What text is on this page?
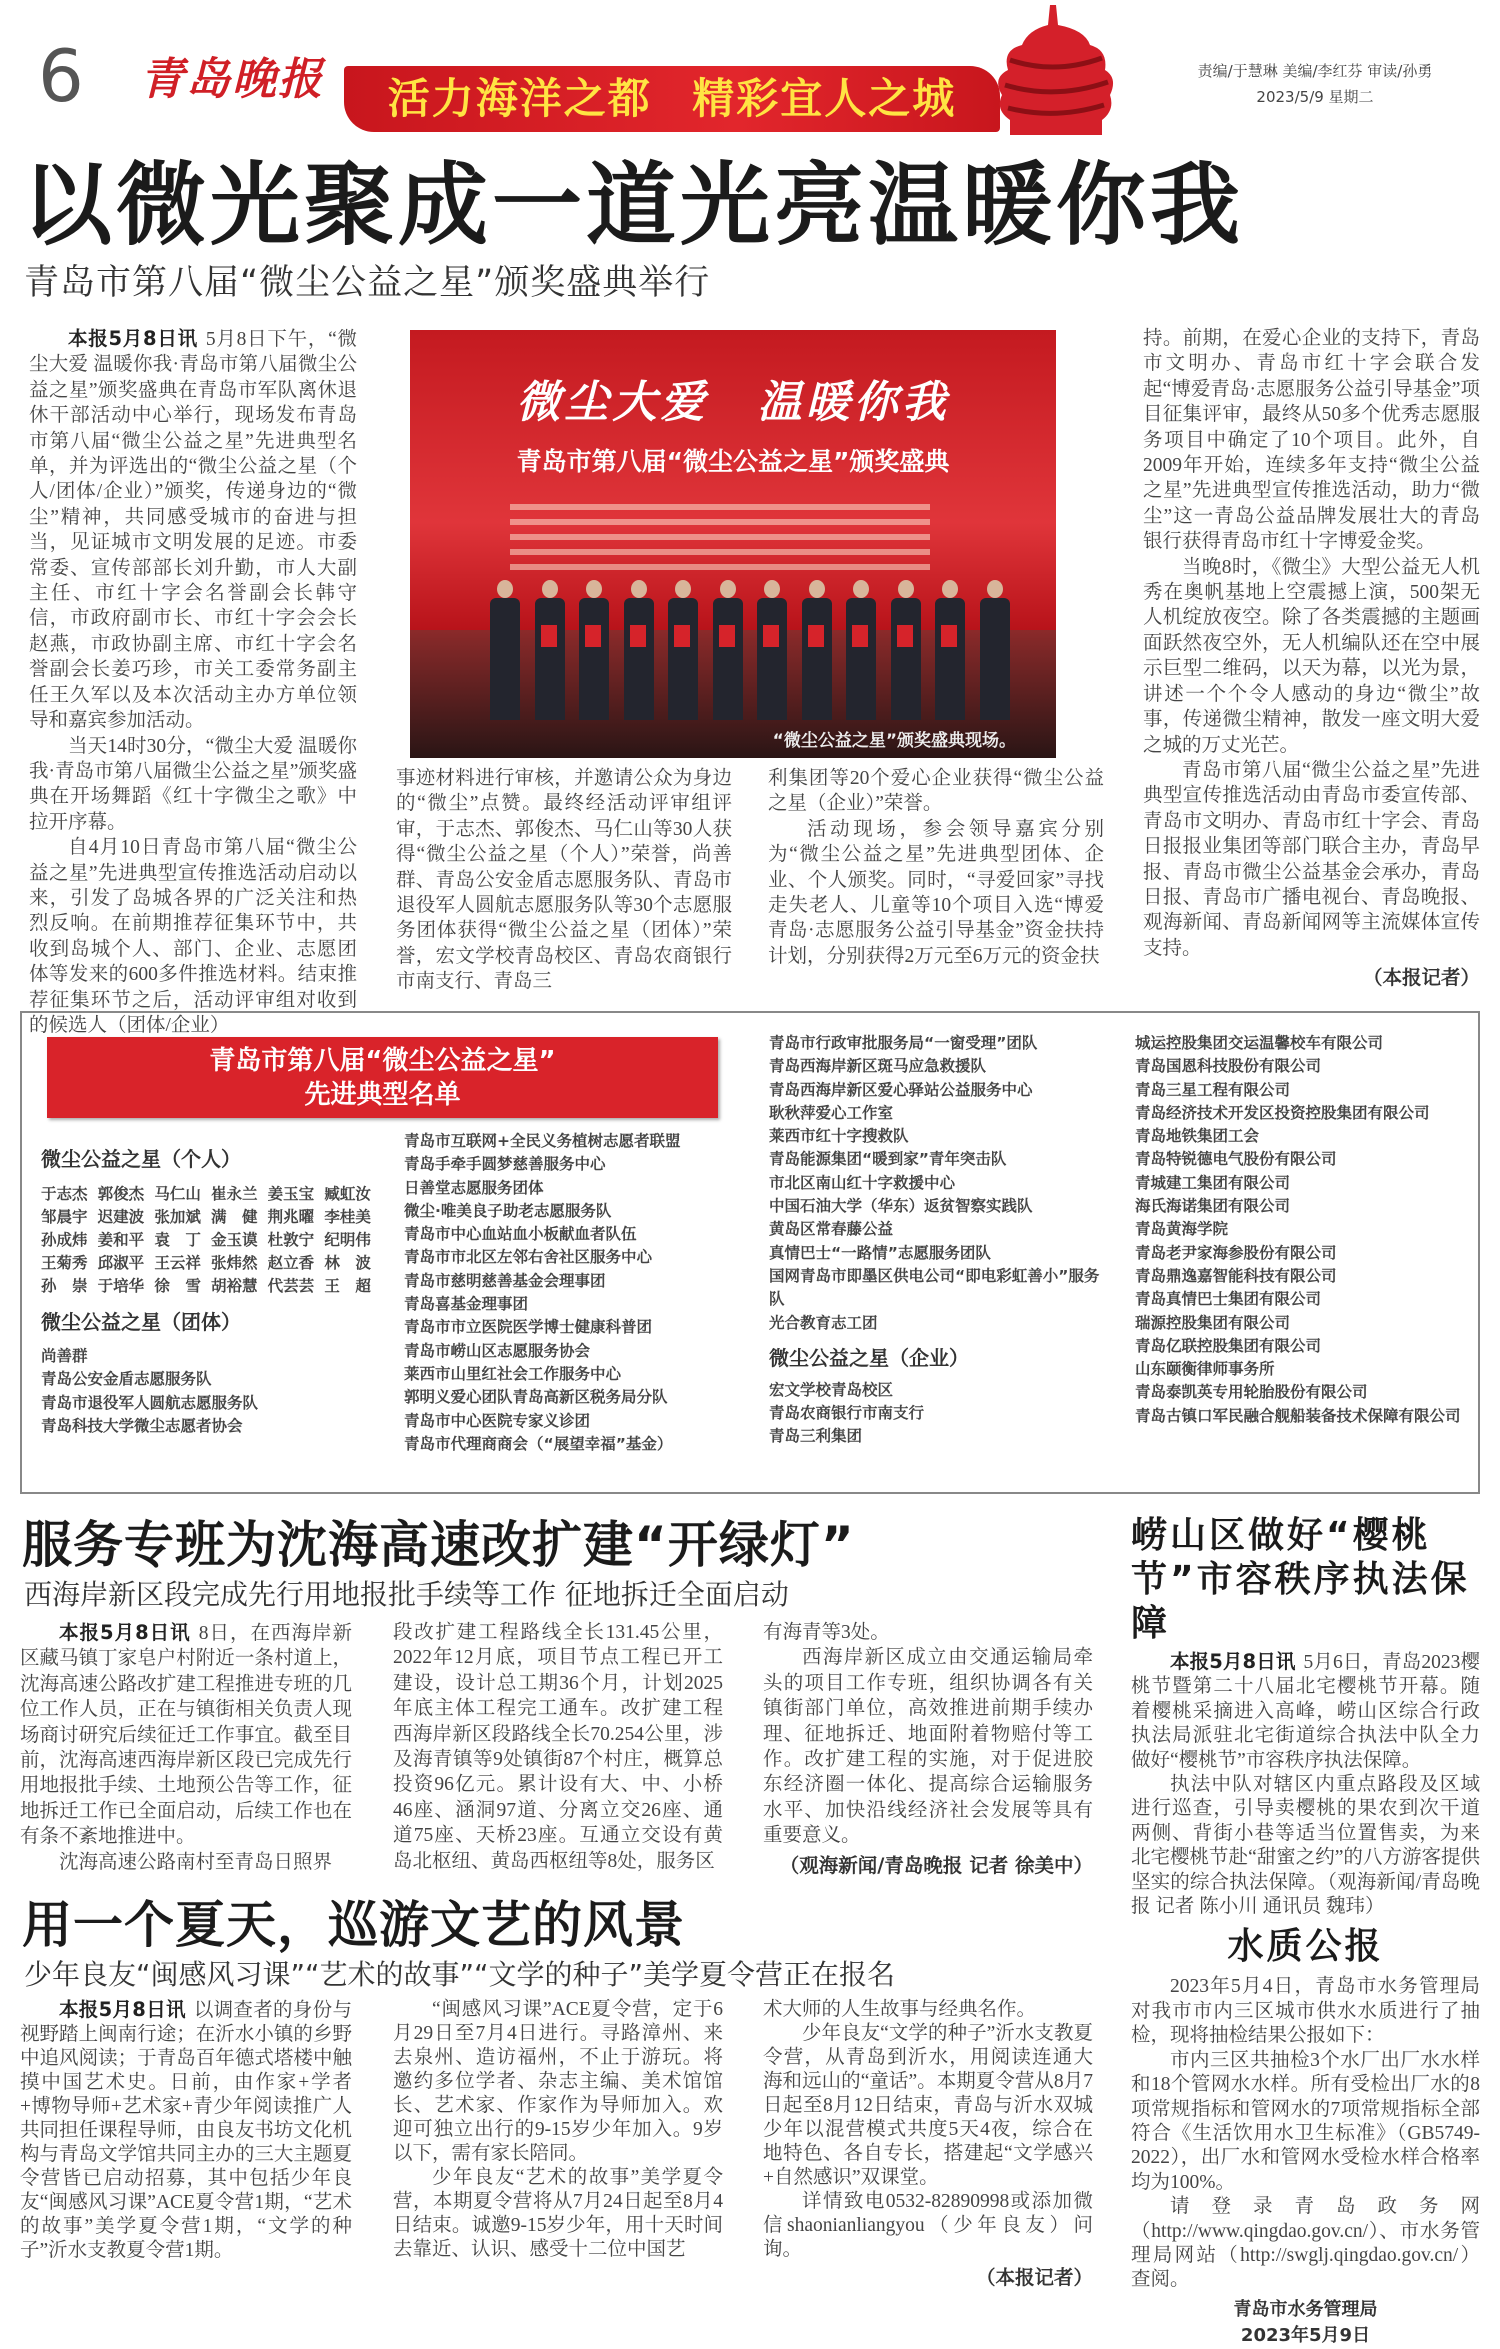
6 青岛晚报	活力海洋之都 精彩宜人之城
责编/于慧琳 美编/李红芬 审读/孙勇
2023/5/9 星期二
以微光聚成一道光亮温暖你我
青岛市第八届“微尘公益之星”颁奖盛典举行

本报5月8日讯 5月8日下午，“微尘大爱 温暖你我·青岛市第八届微尘公益之星”颁奖盛典在青岛市军队离休退休干部活动中心举行，现场发布青岛市第八届“微尘公益之星”先进典型名单，并为评选出的“微尘公益之星（个人/团体/企业）”颁奖，传递身边的“微尘”精神，共同感受城市的奋进与担当，见证城市文明发展的足迹。市委常委、宣传部部长刘升勤，市人大副主任、市红十字会名誉副会长韩守信，市政府副市长、市红十字会会长赵燕，市政协副主席、市红十字会名誉副会长姜巧珍，市关工委常务副主任王久军以及本次活动主办方单位领导和嘉宾参加活动。

当天14时30分，“微尘大爱 温暖你我·青岛市第八届微尘公益之星”颁奖盛典在开场舞蹈《红十字微尘之歌》中拉开序幕。

自4月10日青岛市第八届“微尘公益之星”先进典型宣传推选活动启动以来，引发了岛城各界的广泛关注和热烈反响。在前期推荐征集环节中，共收到岛城个人、部门、企业、志愿团体等发来的600多件推选材料。结束推荐征集环节之后，活动评审组对收到的候选人（团体/企业）

微尘大爱 温暖你我
青岛市第八届“微尘公益之星”颁奖盛典
“微尘公益之星”颁奖盛典现场。

事迹材料进行审核，并邀请公众为身边的“微尘”点赞。最终经活动评审组评审，于志杰、郭俊杰、马仁山等30人获得“微尘公益之星（个人）”荣誉，尚善群、青岛公安金盾志愿服务队、青岛市退役军人圆航志愿服务队等30个志愿服务团体获得“微尘公益之星（团体）”荣誉，宏文学校青岛校区、青岛农商银行市南支行、青岛三

利集团等20个爱心企业获得“微尘公益之星（企业）”荣誉。

活动现场，参会领导嘉宾分别为“微尘公益之星”先进典型团体、企业、个人颁奖。同时，“寻爱回家”寻找走失老人、儿童等10个项目入选“博爱青岛·志愿服务公益引导基金”资金扶持计划，分别获得2万元至6万元的资金扶

持。前期，在爱心企业的支持下，青岛市文明办、青岛市红十字会联合发起“博爱青岛·志愿服务公益引导基金”项目征集评审，最终从50多个优秀志愿服务项目中确定了10个项目。此外，自2009年开始，连续多年支持“微尘公益之星”先进典型宣传推选活动，助力“微尘”这一青岛公益品牌发展壮大的青岛银行获得青岛市红十字博爱金奖。

当晚8时，《微尘》大型公益无人机秀在奥帆基地上空震撼上演，500架无人机绽放夜空。除了各类震撼的主题画面跃然夜空外，无人机编队还在空中展示巨型二维码，以天为幕，以光为景，讲述一个个令人感动的身边“微尘”故事，传递微尘精神，散发一座文明大爱之城的万丈光芒。

青岛市第八届“微尘公益之星”先进典型宣传推选活动由青岛市委宣传部、青岛市文明办、青岛市红十字会、青岛日报报业集团等部门联合主办，青岛早报、青岛市微尘公益基金会承办，青岛日报、青岛市广播电视台、青岛晚报、观海新闻、青岛新闻网等主流媒体宣传支持。

（本报记者）

青岛市第八届“微尘公益之星”
先进典型名单
微尘公益之星（个人）
于志杰 郭俊杰 马仁山 崔永兰 姜玉宝 臧虹汝
邹晨宇 迟建波 张加斌 满　健 荆兆曜 李桂美
孙成炜 姜和平 袁　丁 金玉谟 杜敦宁 纪明伟
王菊秀 邱淑平 王云祥 张炜然 赵立香 林　波
孙　崇 于培华 徐　雪 胡裕慧 代芸芸 王　超
微尘公益之星（团体）
尚善群
青岛公安金盾志愿服务队
青岛市退役军人圆航志愿服务队
青岛科技大学微尘志愿者协会
青岛市互联网+全民义务植树志愿者联盟
青岛手牵手圆梦慈善服务中心
日善堂志愿服务团体
微尘·唯美良子助老志愿服务队
青岛市中心血站血小板献血者队伍
青岛市市北区左邻右舍社区服务中心
青岛市慈明慈善基金会理事团
青岛喜基金理事团
青岛市市立医院医学博士健康科普团
青岛市崂山区志愿服务协会
莱西市山里红社会工作服务中心
郭明义爱心团队青岛高新区税务局分队
青岛市中心医院专家义诊团
青岛市代理商商会（“展望幸福”基金）
青岛市行政审批服务局“一窗受理”团队
青岛西海岸新区斑马应急救援队
青岛西海岸新区爱心驿站公益服务中心
耿秋萍爱心工作室
莱西市红十字搜救队
青岛能源集团“暖到家”青年突击队
市北区南山红十字救援中心
中国石油大学（华东）返贫智察实践队
黄岛区常春藤公益
真情巴士“一路情”志愿服务团队
国网青岛市即墨区供电公司“即电彩虹善小”服务队
光合教育志工团
微尘公益之星（企业）
宏文学校青岛校区
青岛农商银行市南支行
青岛三利集团
城运控股集团交运温馨校车有限公司
青岛国恩科技股份有限公司
青岛三星工程有限公司
青岛经济技术开发区投资控股集团有限公司
青岛地铁集团工会
青岛特锐德电气股份有限公司
青城建工集团有限公司
海氏海诺集团有限公司
青岛黄海学院
青岛老尹家海参股份有限公司
青岛鼎逸嘉智能科技有限公司
青岛真情巴士集团有限公司
瑞源控股集团有限公司
青岛亿联控股集团有限公司
山东颐衡律师事务所
青岛泰凯英专用轮胎股份有限公司
青岛古镇口军民融合舰船装备技术保障有限公司
服务专班为沈海高速改扩建“开绿灯”
西海岸新区段完成先行用地报批手续等工作 征地拆迁全面启动

本报5月8日讯 8日，在西海岸新区藏马镇丁家皂户村附近一条村道上，沈海高速公路改扩建工程推进专班的几位工作人员，正在与镇街相关负责人现场商讨研究后续征迁工作事宜。截至目前，沈海高速西海岸新区段已完成先行用地报批手续、土地预公告等工作，征地拆迁工作已全面启动，后续工作也在有条不紊地推进中。

沈海高速公路南村至青岛日照界

段改扩建工程路线全长131.45公里，2022年12月底，项目节点工程已开工建设，设计总工期36个月，计划2025年底主体工程完工通车。改扩建工程西海岸新区段路线全长70.254公里，涉及海青镇等9处镇街87个村庄，概算总投资96亿元。累计设有大、中、小桥46座、涵洞97道、分离立交26座、通道75座、天桥23座。互通立交设有黄岛北枢纽、黄岛西枢纽等8处，服务区

有海青等3处。

西海岸新区成立由交通运输局牵头的项目工作专班，组织协调各有关镇街部门单位，高效推进前期手续办理、征地拆迁、地面附着物赔付等工作。改扩建工程的实施，对于促进胶东经济圈一体化、提高综合运输服务水平、加快沿线经济社会发展等具有重要意义。

（观海新闻/青岛晚报 记者 徐美中）

崂山区做好“樱桃节”市容秩序执法保障

本报5月8日讯 5月6日，青岛2023樱桃节暨第二十八届北宅樱桃节开幕。随着樱桃采摘进入高峰，崂山区综合行政执法局派驻北宅街道综合执法中队全力做好“樱桃节”市容秩序执法保障。

执法中队对辖区内重点路段及区域进行巡查，引导卖樱桃的果农到次干道两侧、背街小巷等适当位置售卖，为来北宅樱桃节赴“甜蜜之约”的八方游客提供坚实的综合执法保障。（观海新闻/青岛晚报 记者 陈小川 通讯员 魏玮）

水质公报

2023年5月4日，青岛市水务管理局对我市市内三区城市供水水质进行了抽检，现将抽检结果公报如下：

市内三区共抽检3个水厂出厂水水样和18个管网水水样。所有受检出厂水的8项常规指标和管网水的7项常规指标全部符合《生活饮用水卫生标准》（GB5749-2022），出厂水和管网水受检水样合格率均为100%。

请登录青岛政务网（http://www.qingdao.gov.cn/）、市水务管理局网站（http://swglj.qingdao.gov.cn/）查阅。

青岛市水务管理局
2023年5月9日
用一个夏天，巡游文艺的风景
少年良友“闽感风习课”“艺术的故事”“文学的种子”美学夏令营正在报名

本报5月8日讯 以调查者的身份与视野踏上闽南行途；在沂水小镇的乡野中追风阅读；于青岛百年德式塔楼中触摸中国艺术史。日前，由作家+学者+博物导师+艺术家+青少年阅读推广人共同担任课程导师，由良友书坊文化机构与青岛文学馆共同主办的三大主题夏令营皆已启动招募，其中包括少年良友“闽感风习课”ACE夏令营1期，“艺术的故事”美学夏令营1期，“文学的种子”沂水支教夏令营1期。

“闽感风习课”ACE夏令营，定于6月29日至7月4日进行。寻路漳州、来去泉州、造访福州，不止于游玩。将邀约多位学者、杂志主编、美术馆馆长、艺术家、作家作为导师加入。欢迎可独立出行的9-15岁少年加入。9岁以下，需有家长陪同。

少年良友“艺术的故事”美学夏令营，本期夏令营将从7月24日起至8月4日结束。诚邀9-15岁少年，用十天时间去靠近、认识、感受十二位中国艺

术大师的人生故事与经典名作。

少年良友“文学的种子”沂水支教夏令营，从青岛到沂水，用阅读连通大海和远山的“童话”。本期夏令营从8月7日起至8月12日结束，青岛与沂水双城少年以混营模式共度5天4夜，综合在地特色、各自专长，搭建起“文学感兴+自然感识”双课堂。

详情致电0532-82890998或添加微信shaonianliangyou（少年良友）问询。

（本报记者）
